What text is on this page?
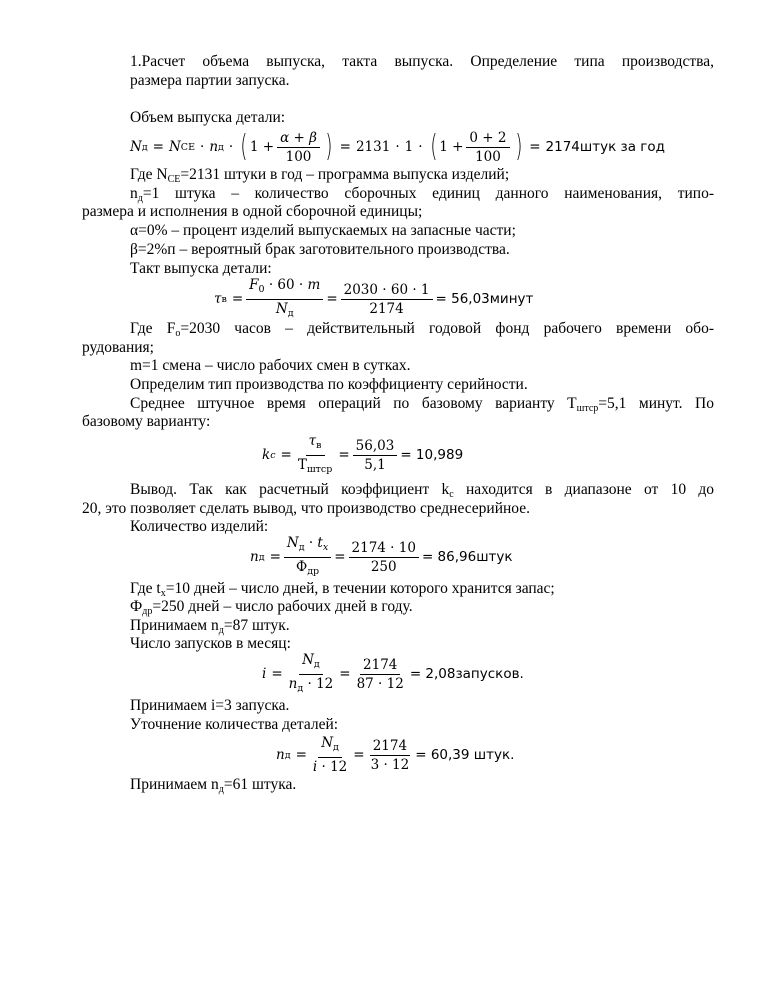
1.Расчет объема выпуска, такта выпуска. Определение типа производства,
размера партии запуска.
Объем выпуска детали:
N д = N СЕ · n д · ( $1 + \frac{\alpha + \beta}{100}$ ) = 2131 · 1 · ( $1 + \frac{0 + 2}{100}$ ) = 2174штук за год
Где $N_{СЕ}=2131$ штуки в год – программа выпуска изделий;
$n_д=1$ штука – количество сборочных единиц данного наименования, типо-
размера и исполнения в одной сборочной единицы;
α=0% – процент изделий выпускаемых на запасные части;
β=2%п – вероятный брак заготовительного производства.
Такт выпуска детали:
τ $в = \frac{F_0 \cdot 60 \cdot m}{N_д} = \frac{2030 \cdot 60 \cdot 1}{2174}$ = 56,03минут
Где $F_о=2030$ часов – действительный годовой фонд рабочего времени обо-
рудования;
m=1 смена – число рабочих смен в сутках.
Определим тип производства по коэффициенту серийности.
Среднее штучное время операций по базовому варианту $Т_{штср}=5,1$ минут. По
базовому варианту:
k $c = \frac{\tau_в}{Т_{штср}} = \frac{56,03}{5,1} = 10,989$
Вывод. Так как расчетный коэффициент $k_c$ находится в диапазоне от 10 до
20, это позволяет сделать вывод, что производство среднесерийное.
Количество изделий:
n $д = \frac{N_д \cdot t_x}{Ф_{др}} = \frac{2174 \cdot 10}{250}$ = 86,96штук
Где $t_x=10$ дней – число дней, в течении которого хранится запас;
$Ф_{др}=250$ дней – число рабочих дней в году.
Принимаем $n_д=87$ штук.
Число запусков в месяц:
$i = \frac{N_д}{n_д \cdot 12} = \frac{2174}{87 \cdot 12}$ = 2,08запусков.
Принимаем i=3 запуска.
Уточнение количества деталей:
n $д = \frac{N_д}{i \cdot 12} = \frac{2174}{3 \cdot 12} = 60,39$ штук.
Принимаем $n_д=61$ штука.
